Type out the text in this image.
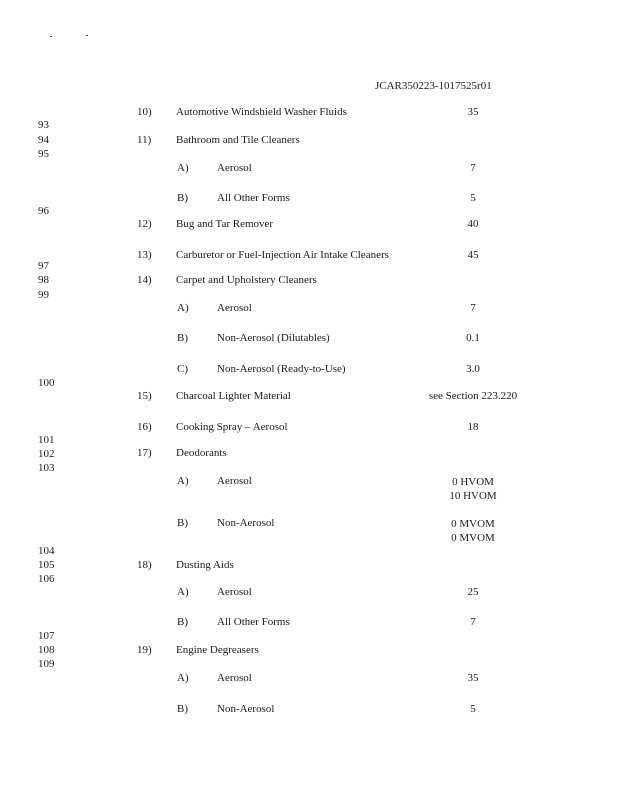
JCAR350223-1017525r01
93
94
95
96
97
98
99
100
101
102
103
104
105
106
107
108
109
10) Automotive Windshield Washer Fluids	35
11) Bathroom and Tile Cleaners
A)	Aerosol	7
B)	All Other Forms	5
12) Bug and Tar Remover	40
13) Carburetor or Fuel-Injection Air Intake Cleaners	45
14) Carpet and Upholstery Cleaners
A)	Aerosol	7
B)	Non-Aerosol (Dilutables)	0.1
C)	Non-Aerosol (Ready-to-Use)	3.0
15) Charcoal Lighter Material	see Section 223.220
16) Cooking Spray – Aerosol	18
17) Deodorants
A)	Aerosol	0 HVOM
10 HVOM
B)	Non-Aerosol	0 MVOM
0 MVOM
18) Dusting Aids
A)	Aerosol	25
B)	All Other Forms	7
19) Engine Degreasers
A)	Aerosol	35
B)	Non-Aerosol	5
